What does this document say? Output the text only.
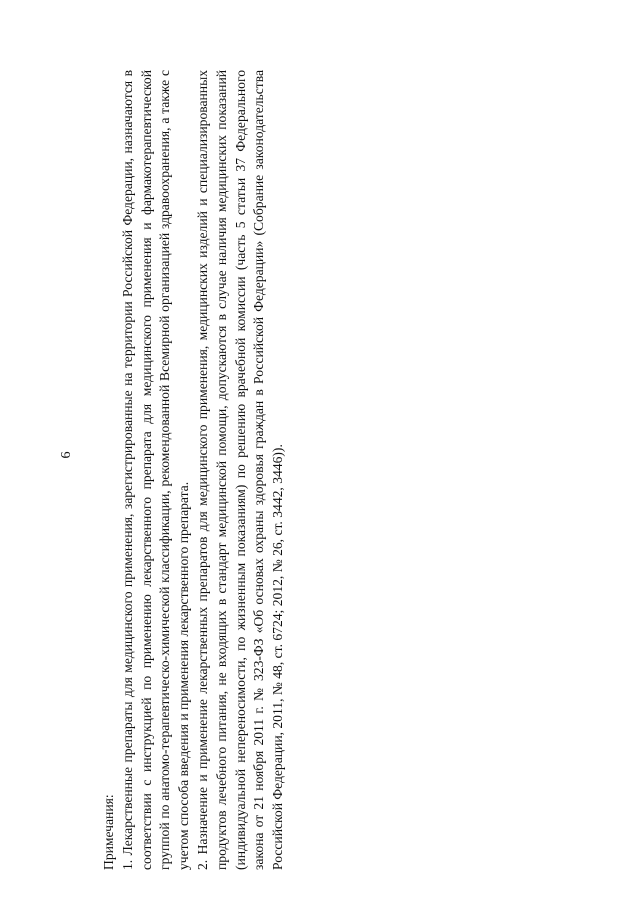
Примечания: 1. Лекарственные препараты для медицинского применения, зарегистрированные на территории Российской Федерации, назначаются в соответствии с инструкцией по применению лекарственного препарата для медицинского применения и фармакотерапевтической группой по анатомо-терапевтическо-химической классификации, рекомендованной Всемирной организацией здравоохранения, а также с учетом способа введения и применения лекарственного препарата. 2. Назначение и применение лекарственных препаратов для медицинского применения, медицинских изделий и специализированных продуктов лечебного питания, не входящих в стандарт медицинской помощи, допускаются в случае наличия медицинских показаний (индивидуальной непереносимости, по жизненным показаниям) по решению врачебной комиссии (часть 5 статьи 37 Федерального закона от 21 ноября 2011 г. № 323-ФЗ «Об основах охраны здоровья граждан в Российской Федерации» (Собрание законодательства Российской Федерации, 2011, № 48, ст. 6724; 2012, № 26, ст. 3442, 3446)).

6
